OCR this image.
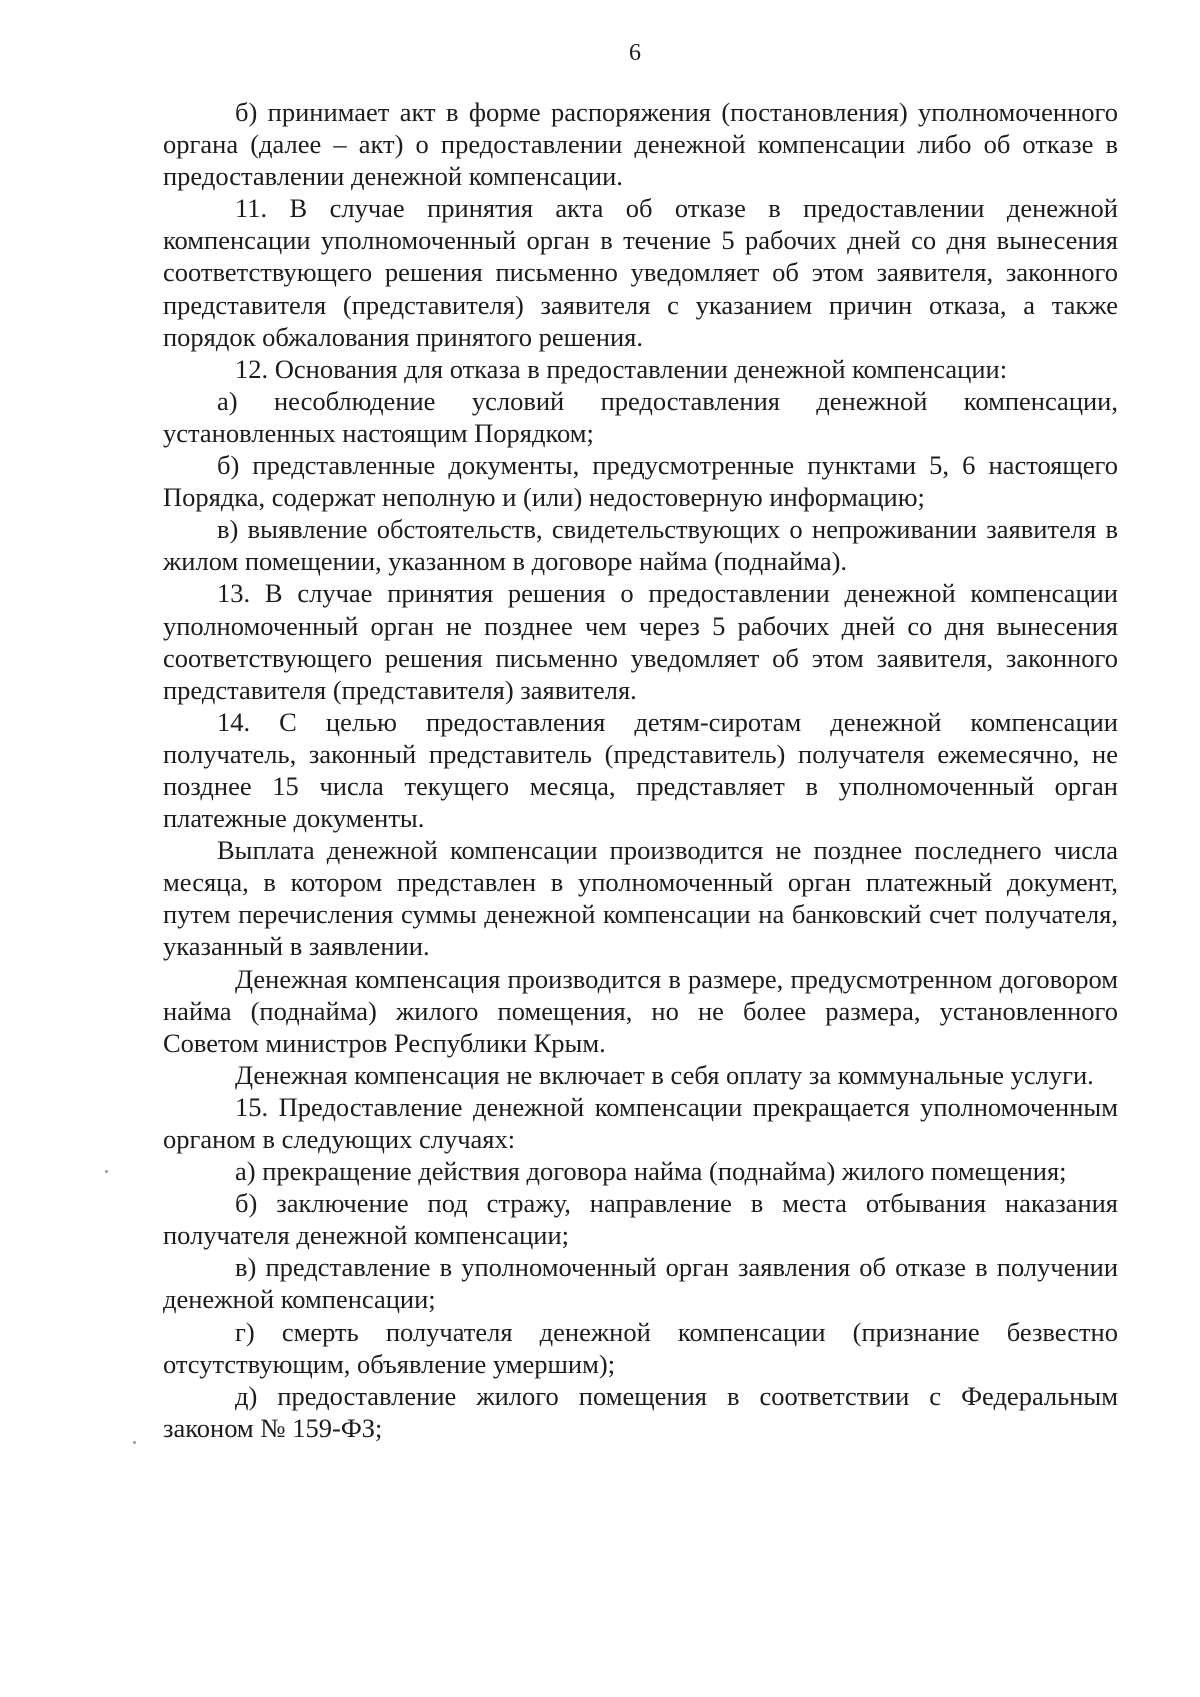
6

б) принимает акт в форме распоряжения (постановления) уполномоченного органа (далее – акт) о предоставлении денежной компенсации либо об отказе в предоставлении денежной компенсации.

11. В случае принятия акта об отказе в предоставлении денежной компенсации уполномоченный орган в течение 5 рабочих дней со дня вынесения соответствующего решения письменно уведомляет об этом заявителя, законного представителя (представителя) заявителя с указанием причин отказа, а также порядок обжалования принятого решения.

12. Основания для отказа в предоставлении денежной компенсации:

а) несоблюдение условий предоставления денежной компенсации, установленных настоящим Порядком;

б) представленные документы, предусмотренные пунктами 5, 6 настоящего Порядка, содержат неполную и (или) недостоверную информацию;

в) выявление обстоятельств, свидетельствующих о непроживании заявителя в жилом помещении, указанном в договоре найма (поднайма).

13. В случае принятия решения о предоставлении денежной компенсации уполномоченный орган не позднее чем через 5 рабочих дней со дня вынесения соответствующего решения письменно уведомляет об этом заявителя, законного представителя (представителя) заявителя.

14. С целью предоставления детям-сиротам денежной компенсации получатель, законный представитель (представитель) получателя ежемесячно, не позднее 15 числа текущего месяца, представляет в уполномоченный орган платежные документы.

Выплата денежной компенсации производится не позднее последнего числа месяца, в котором представлен в уполномоченный орган платежный документ, путем перечисления суммы денежной компенсации на банковский счет получателя, указанный в заявлении.

Денежная компенсация производится в размере, предусмотренном договором найма (поднайма) жилого помещения, но не более размера, установленного Советом министров Республики Крым.

Денежная компенсация не включает в себя оплату за коммунальные услуги.

15. Предоставление денежной компенсации прекращается уполномоченным органом в следующих случаях:

а) прекращение действия договора найма (поднайма) жилого помещения;

б) заключение под стражу, направление в места отбывания наказания получателя денежной компенсации;

в) представление в уполномоченный орган заявления об отказе в получении денежной компенсации;

г) смерть получателя денежной компенсации (признание безвестно отсутствующим, объявление умершим);

д) предоставление жилого помещения в соответствии с Федеральным законом № 159-ФЗ;
